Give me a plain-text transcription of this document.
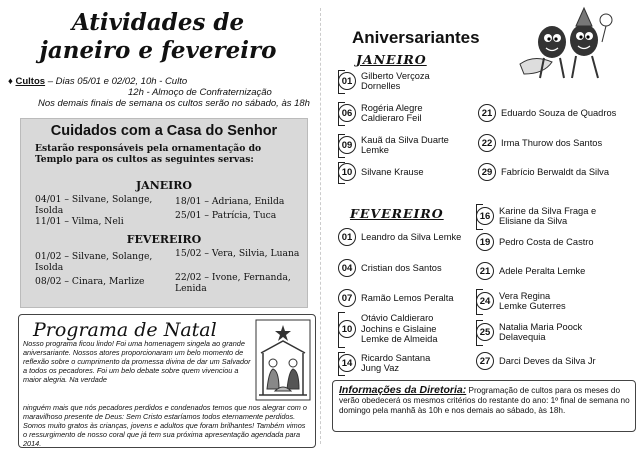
Atividades de
janeiro e fevereiro
♦ Cultos – Dias 05/01 e 02/02, 10h - Culto
12h - Almoço de Confraternização
Nos demais finais de semana os cultos serão no sábado, às 18h
Cuidados com a Casa do Senhor
Estarão responsáveis pela ornamentação do Templo para os cultos as seguintes servas:
JANEIRO
04/01 – Silvane, Solange, Isolda
11/01 – Vilma, Neli
18/01 – Adriana, Enilda
25/01 – Patrícia, Tuca
FEVEREIRO
01/02 – Silvane, Solange, Isolda
08/02 – Cinara, Marlize
15/02 – Vera, Silvia, Luana
22/02 – Ivone, Fernanda, Lenida
Programa de Natal
Nosso programa ficou lindo! Foi uma homenagem singela ao grande aniversariante. Nossos atores proporcionaram um belo momento de reflexão sobre o cumprimento da promessa divina de dar um Salvador a todos os pecadores. Foi um belo debate sobre quem vivenciou a maior alegria. Na verdade
ninguém mais que nós pecadores perdidos e condenados temos que nos alegrar com o maravilhoso presente de Deus: Sem Cristo estaríamos todos eternamente perdidos. Somos muito gratos às crianças, jovens e adultos que foram brilhantes! Também vimos o ressurgimento de nosso coral que já tem sua próxima apresentação agendada para 2014.
Aniversariantes
JANEIRO
01 Gilberto Verçoza Dornelles
06 Rogéria Alegre Caldieraro Feil
09 Kauã da Silva Duarte Lemke
10 Silvane Krause
21 Eduardo Souza de Quadros
22 Irma Thurow dos Santos
29 Fabrício Berwaldt da Silva
FEVEREIRO
01 Leandro da Silva Lemke
04 Cristian dos Santos
07 Ramão Lemos Peralta
10
Otávio Caldieraro Jochins e Gislaine Lemke de Almeida
14 Ricardo Santana Jung Vaz
16 Karine da Silva Fraga e Elisiane da Silva
19 Pedro Costa de Castro
21 Adele Peralta Lemke
24 Vera Regina Lemke Guterres
25 Natalia Maria Poock Delavequia
27 Darci Deves da Silva Jr
Informações da Diretoria: Programação de cultos para os meses do verão obedecerá os mesmos critérios do restante do ano: 1º final de semana no domingo pela manhã às 10h e nos demais ao sábado, às 18h.
